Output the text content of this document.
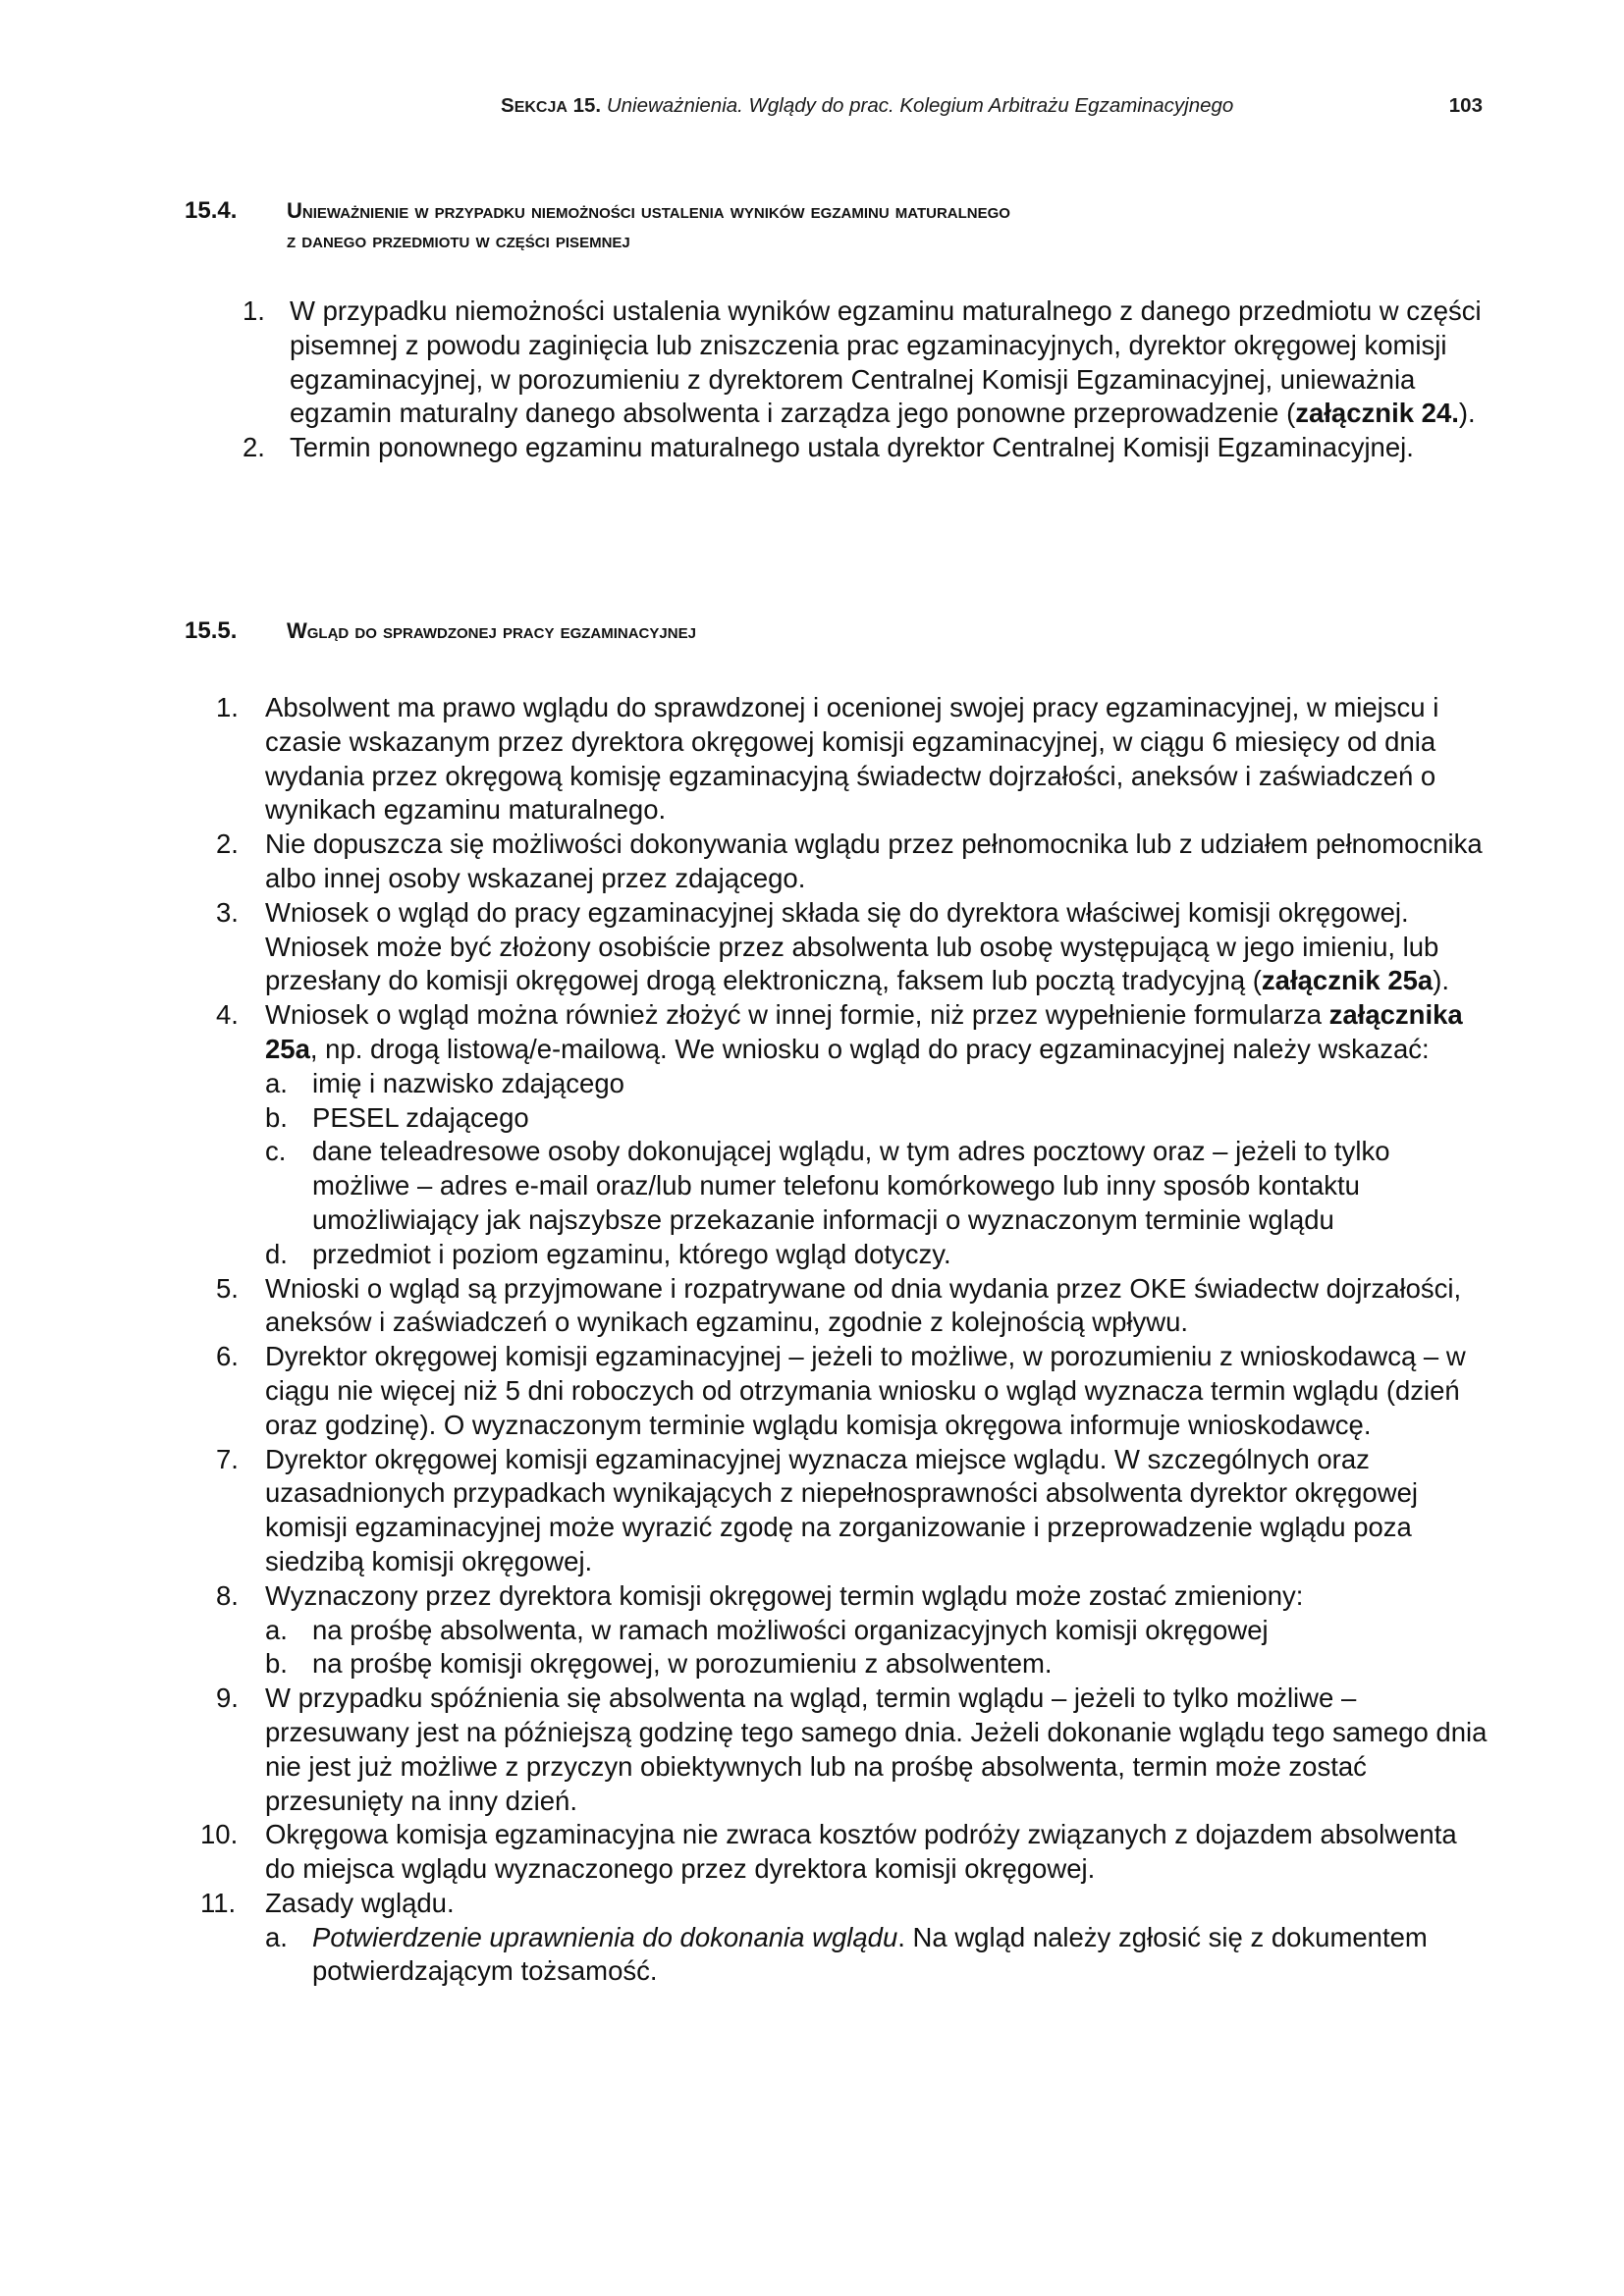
SEKCJA 15. Unieważnienia. Wglądy do prac. Kolegium Arbitrażu Egzaminacyjnego	103
15.4. Unieważnienie w przypadku niemożności ustalenia wyników egzaminu maturalnego
z danego przedmiotu w części pisemnej
1. W przypadku niemożności ustalenia wyników egzaminu maturalnego z danego przedmiotu w części pisemnej z powodu zaginięcia lub zniszczenia prac egzaminacyjnych, dyrektor okręgowej komisji egzaminacyjnej, w porozumieniu z dyrektorem Centralnej Komisji Egzaminacyjnej, unieważnia egzamin maturalny danego absolwenta i zarządza jego ponowne przeprowadzenie (załącznik 24.).
2. Termin ponownego egzaminu maturalnego ustala dyrektor Centralnej Komisji Egzaminacyjnej.
15.5. Wgląd do sprawdzonej pracy egzaminacyjnej
1. Absolwent ma prawo wglądu do sprawdzonej i ocenionej swojej pracy egzaminacyjnej, w miejscu i czasie wskazanym przez dyrektora okręgowej komisji egzaminacyjnej, w ciągu 6 miesięcy od dnia wydania przez okręgową komisję egzaminacyjną świadectw dojrzałości, aneksów i zaświadczeń o wynikach egzaminu maturalnego.
2. Nie dopuszcza się możliwości dokonywania wglądu przez pełnomocnika lub z udziałem pełnomocnika albo innej osoby wskazanej przez zdającego.
3. Wniosek o wgląd do pracy egzaminacyjnej składa się do dyrektora właściwej komisji okręgowej. Wniosek może być złożony osobiście przez absolwenta lub osobę występującą w jego imieniu, lub przesłany do komisji okręgowej drogą elektroniczną, faksem lub pocztą tradycyjną (załącznik 25a).
4. Wniosek o wgląd można również złożyć w innej formie, niż przez wypełnienie formularza załącznika 25a, np. drogą listową/e-mailową. We wniosku o wgląd do pracy egzaminacyjnej należy wskazać:
a. imię i nazwisko zdającego
b. PESEL zdającego
c. dane teleadresowe osoby dokonującej wglądu, w tym adres pocztowy oraz – jeżeli to tylko możliwe – adres e-mail oraz/lub numer telefonu komórkowego lub inny sposób kontaktu umożliwiający jak najszybsze przekazanie informacji o wyznaczonym terminie wglądu
d. przedmiot i poziom egzaminu, którego wgląd dotyczy.
5. Wnioski o wgląd są przyjmowane i rozpatrywane od dnia wydania przez OKE świadectw dojrzałości, aneksów i zaświadczeń o wynikach egzaminu, zgodnie z kolejnością wpływu.
6. Dyrektor okręgowej komisji egzaminacyjnej – jeżeli to możliwe, w porozumieniu z wnioskodawcą – w ciągu nie więcej niż 5 dni roboczych od otrzymania wniosku o wgląd wyznacza termin wglądu (dzień oraz godzinę). O wyznaczonym terminie wglądu komisja okręgowa informuje wnioskodawcę.
7. Dyrektor okręgowej komisji egzaminacyjnej wyznacza miejsce wglądu. W szczególnych oraz uzasadnionych przypadkach wynikających z niepełnosprawności absolwenta dyrektor okręgowej komisji egzaminacyjnej może wyrazić zgodę na zorganizowanie i przeprowadzenie wglądu poza siedzibą komisji okręgowej.
8. Wyznaczony przez dyrektora komisji okręgowej termin wglądu może zostać zmieniony:
a. na prośbę absolwenta, w ramach możliwości organizacyjnych komisji okręgowej
b. na prośbę komisji okręgowej, w porozumieniu z absolwentem.
9. W przypadku spóźnienia się absolwenta na wgląd, termin wglądu – jeżeli to tylko możliwe – przesuwany jest na późniejszą godzinę tego samego dnia. Jeżeli dokonanie wglądu tego samego dnia nie jest już możliwe z przyczyn obiektywnych lub na prośbę absolwenta, termin może zostać przesunięty na inny dzień.
10. Okręgowa komisja egzaminacyjna nie zwraca kosztów podróży związanych z dojazdem absolwenta do miejsca wglądu wyznaczonego przez dyrektora komisji okręgowej.
11. Zasady wglądu.
a. Potwierdzenie uprawnienia do dokonania wglądu. Na wgląd należy zgłosić się z dokumentem potwierdzającym tożsamość.
